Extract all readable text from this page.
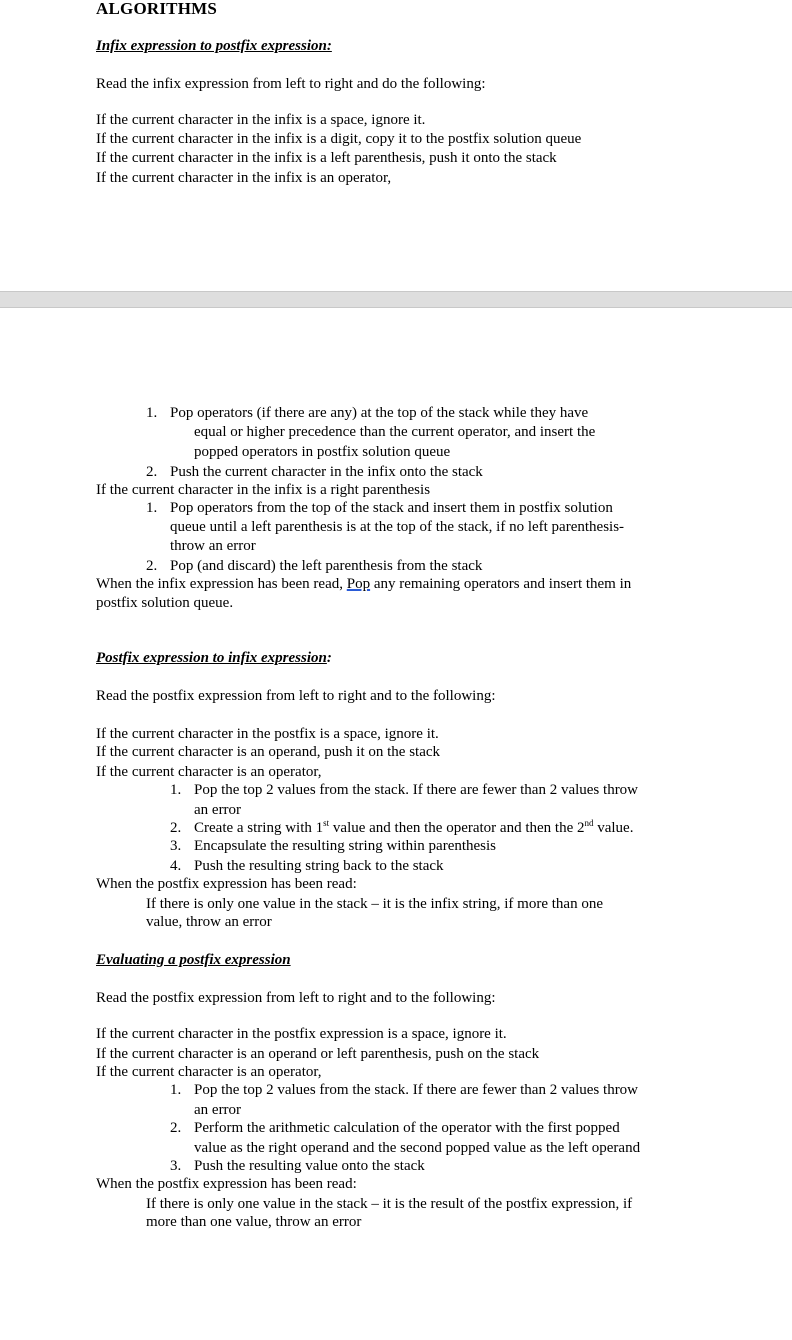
ALGORITHMS
Infix expression to postfix expression:
Read the infix expression from left to right and do the following:
If the current character in the infix is a space, ignore it.
If the current character in the infix is a digit, copy it to the postfix solution queue
If the current character in the infix is a left parenthesis, push it onto the stack
If the current character in the infix is an operator,
1. Pop operators (if there are any) at the top of the stack while they have
equal or higher precedence than the current operator, and insert the
popped operators in postfix solution queue
2. Push the current character in the infix onto the stack
If the current character in the infix is a right parenthesis
1. Pop operators from the top of the stack and insert them in postfix solution
queue until a left parenthesis is at the top of the stack, if no left parenthesis-
throw an error
2. Pop (and discard) the left parenthesis from the stack
When the infix expression has been read, Pop any remaining operators and insert them in
postfix solution queue.
Postfix expression to infix expression:
Read the postfix expression from left to right and to the following:
If the current character in the postfix is a space, ignore it.
If the current character is an operand, push it on the stack
If the current character is an operator,
1. Pop the top 2 values from the stack. If there are fewer than 2 values throw
an error
2. Create a string with 1st value and then the operator and then the 2nd value.
3. Encapsulate the resulting string within parenthesis
4. Push the resulting string back to the stack
When the postfix expression has been read:
If there is only one value in the stack – it is the infix string, if more than one
value, throw an error
Evaluating a postfix expression
Read the postfix expression from left to right and to the following:
If the current character in the postfix expression is a space, ignore it.
If the current character is an operand or left parenthesis, push on the stack
If the current character is an operator,
1. Pop the top 2 values from the stack. If there are fewer than 2 values throw
an error
2. Perform the arithmetic calculation of the operator with the first popped
value as the right operand and the second popped value as the left operand
3. Push the resulting value onto the stack
When the postfix expression has been read:
If there is only one value in the stack – it is the result of the postfix expression, if
more than one value, throw an error
